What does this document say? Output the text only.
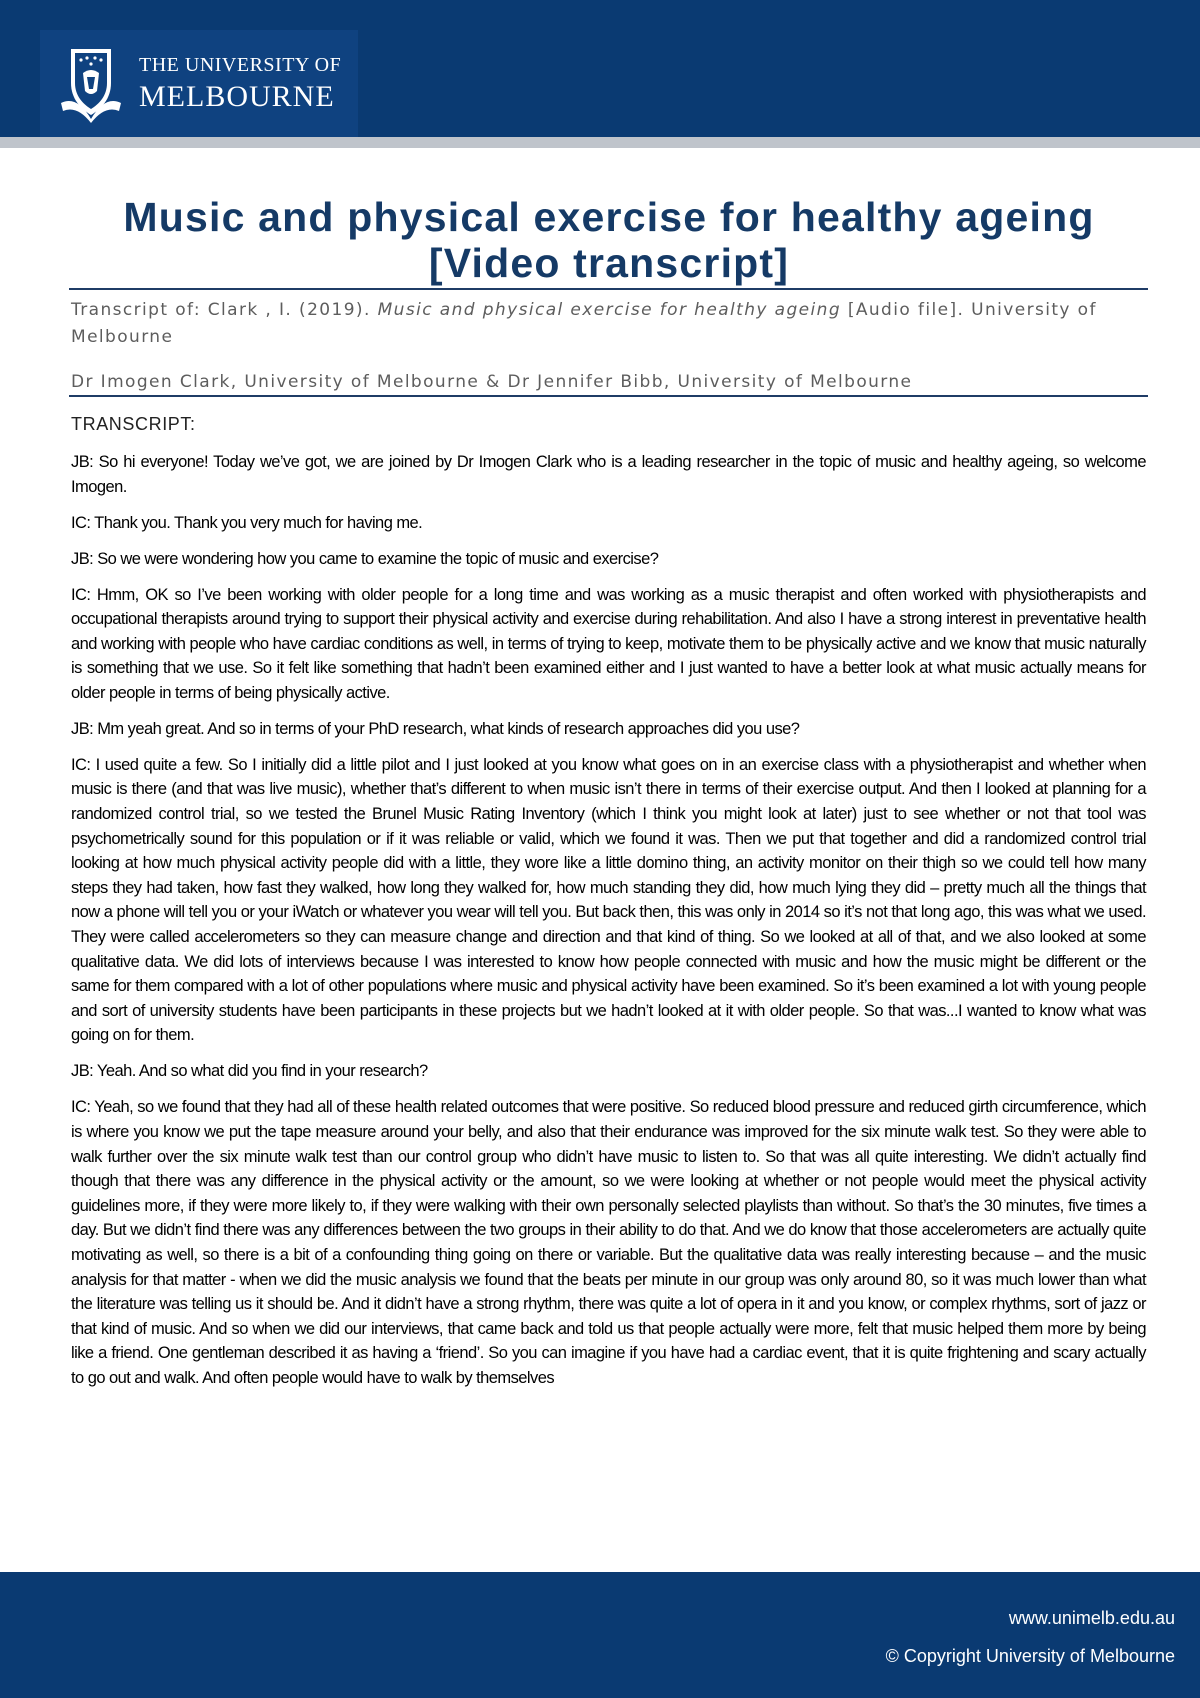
THE UNIVERSITY OF
MELBOURNE
Music and physical exercise for healthy ageing [Video transcript]

Transcript of: Clark , I. (2019). Music and physical exercise for healthy ageing [Audio file]. University of Melbourne

Dr Imogen Clark, University of Melbourne & Dr Jennifer Bibb, University of Melbourne

TRANSCRIPT:

JB: So hi everyone! Today we’ve got, we are joined by Dr Imogen Clark who is a leading researcher in the topic of music and healthy ageing, so welcome Imogen.

IC: Thank you. Thank you very much for having me.

JB: So we were wondering how you came to examine the topic of music and exercise?

IC: Hmm, OK so I’ve been working with older people for a long time and was working as a music therapist and often worked with physiotherapists and occupational therapists around trying to support their physical activity and exercise during rehabilitation. And also I have a strong interest in preventative health and working with people who have cardiac conditions as well, in terms of trying to keep, motivate them to be physically active and we know that music naturally is something that we use. So it felt like something that hadn’t been examined either and I just wanted to have a better look at what music actually means for older people in terms of being physically active.

JB: Mm yeah great. And so in terms of your PhD research, what kinds of research approaches did you use?

IC: I used quite a few. So I initially did a little pilot and I just looked at you know what goes on in an exercise class with a physiotherapist and whether when music is there (and that was live music), whether that’s different to when music isn’t there in terms of their exercise output. And then I looked at planning for a randomized control trial, so we tested the Brunel Music Rating Inventory (which I think you might look at later) just to see whether or not that tool was psychometrically sound for this population or if it was reliable or valid, which we found it was. Then we put that together and did a randomized control trial looking at how much physical activity people did with a little, they wore like a little domino thing, an activity monitor on their thigh so we could tell how many steps they had taken, how fast they walked, how long they walked for, how much standing they did, how much lying they did – pretty much all the things that now a phone will tell you or your iWatch or whatever you wear will tell you. But back then, this was only in 2014 so it’s not that long ago, this was what we used. They were called accelerometers so they can measure change and direction and that kind of thing. So we looked at all of that, and we also looked at some qualitative data. We did lots of interviews because I was interested to know how people connected with music and how the music might be different or the same for them compared with a lot of other populations where music and physical activity have been examined. So it’s been examined a lot with young people and sort of university students have been participants in these projects but we hadn’t looked at it with older people. So that was...I wanted to know what was going on for them.

JB: Yeah. And so what did you find in your research?

IC: Yeah, so we found that they had all of these health related outcomes that were positive. So reduced blood pressure and reduced girth circumference, which is where you know we put the tape measure around your belly, and also that their endurance was improved for the six minute walk test. So they were able to walk further over the six minute walk test than our control group who didn’t have music to listen to. So that was all quite interesting. We didn’t actually find though that there was any difference in the physical activity or the amount, so we were looking at whether or not people would meet the physical activity guidelines more, if they were more likely to, if they were walking with their own personally selected playlists than without. So that’s the 30 minutes, five times a day. But we didn’t find there was any differences between the two groups in their ability to do that. And we do know that those accelerometers are actually quite motivating as well, so there is a bit of a confounding thing going on there or variable. But the qualitative data was really interesting because – and the music analysis for that matter - when we did the music analysis we found that the beats per minute in our group was only around 80, so it was much lower than what the literature was telling us it should be. And it didn’t have a strong rhythm, there was quite a lot of opera in it and you know, or complex rhythms, sort of jazz or that kind of music. And so when we did our interviews, that came back and told us that people actually were more, felt that music helped them more by being like a friend. One gentleman described it as having a ‘friend’. So you can imagine if you have had a cardiac event, that it is quite frightening and scary actually to go out and walk. And often people would have to walk by themselves

www.unimelb.edu.au
© Copyright University of Melbourne
